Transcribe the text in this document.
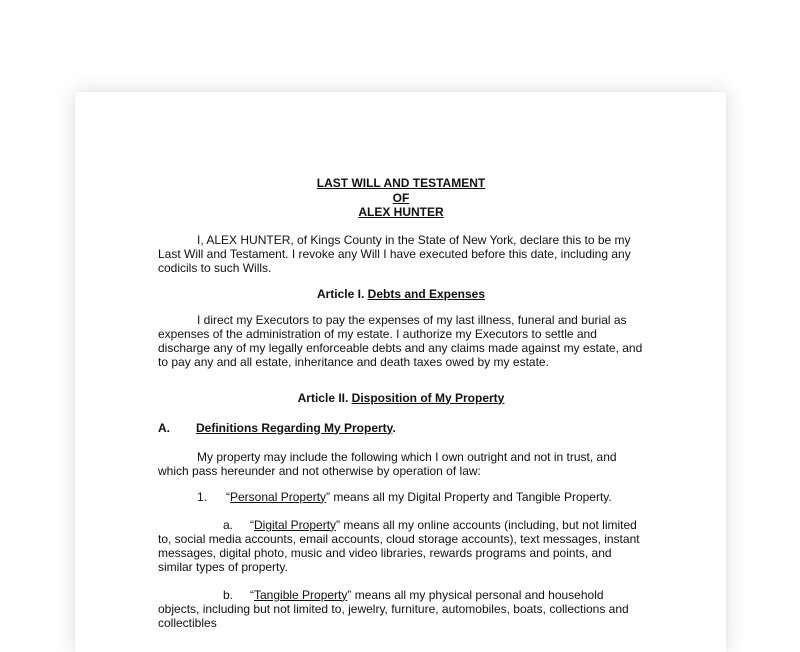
LAST WILL AND TESTAMENT
OF
ALEX HUNTER

I, ALEX HUNTER, of Kings County in the State of New York, declare this to be my Last Will and Testament. I revoke any Will I have executed before this date, including any codicils to such Wills.

Article I. Debts and Expenses

I direct my Executors to pay the expenses of my last illness, funeral and burial as expenses of the administration of my estate. I authorize my Executors to settle and discharge any of my legally enforceable debts and any claims made against my estate, and to pay any and all estate, inheritance and death taxes owed by my estate.

Article II. Disposition of My Property
A.	Definitions Regarding My Property.

My property may include the following which I own outright and not in trust, and which pass hereunder and not otherwise by operation of law:

1.	“Personal Property” means all my Digital Property and Tangible Property.

a. “Digital Property” means all my online accounts (including, but not limited to, social media accounts, email accounts, cloud storage accounts), text messages, instant messages, digital photo, music and video libraries, rewards programs and points, and similar types of property.

b. “Tangible Property” means all my physical personal and household objects, including but not limited to, jewelry, furniture, automobiles, boats, collections and collectibles
